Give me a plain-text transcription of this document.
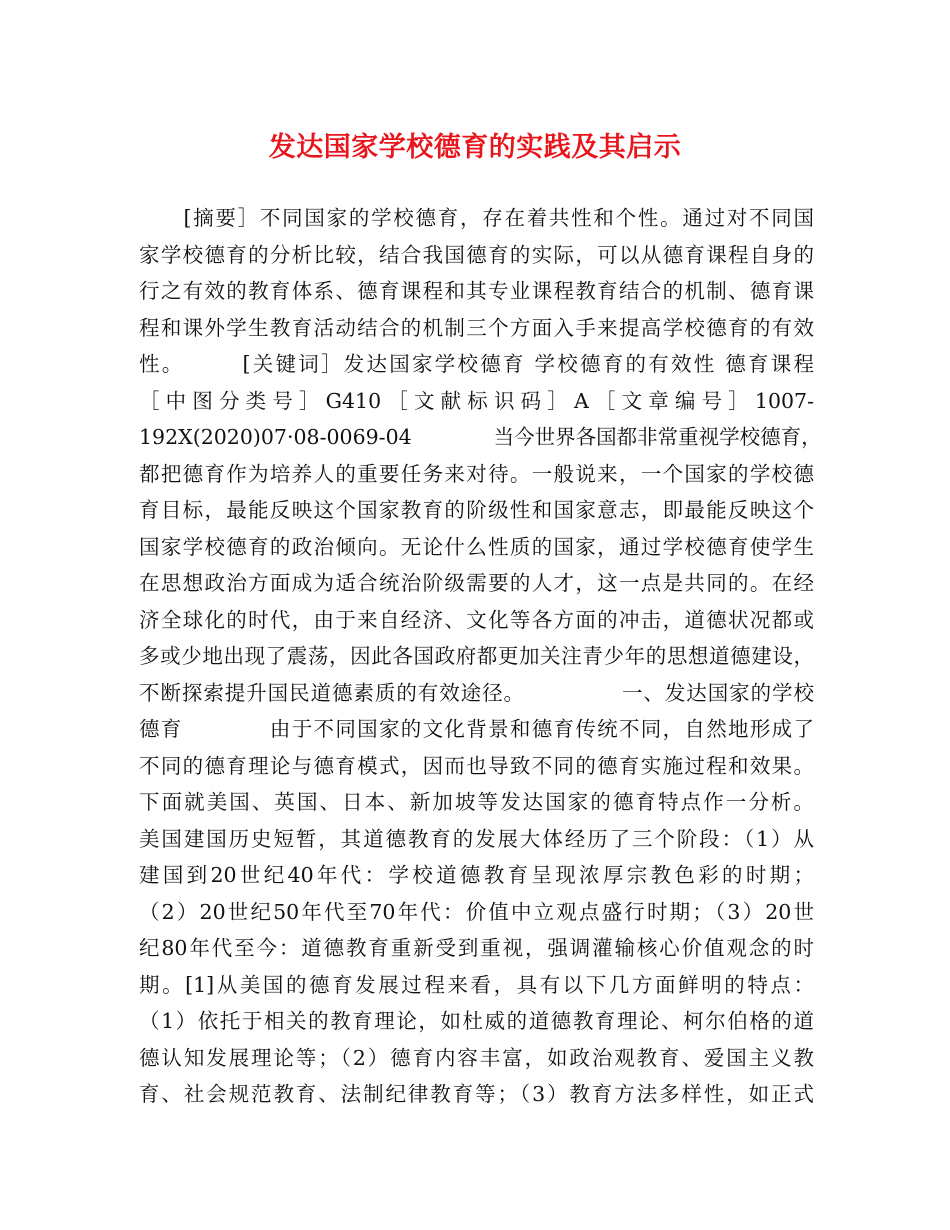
发达国家学校德育的实践及其启示
　　[摘要］不同国家的学校德育，存在着共性和个性。通过对不同国
家学校德育的分析比较，结合我国德育的实际，可以从德育课程自身的
行之有效的教育体系、德育课程和其专业课程教育结合的机制、德育课
程和课外学生教育活动结合的机制三个方面入手来提高学校德育的有效
性。　　　[关键词］发达国家学校德育 学校德育的有效性 德育课程
［中图分类号］G410［文献标识码］A［文章编号］1007-
192X(2020)07·08-0069-04　　　　当今世界各国都非常重视学校德育，
都把德育作为培养人的重要任务来对待。一般说来，一个国家的学校德
育目标，最能反映这个国家教育的阶级性和国家意志，即最能反映这个
国家学校德育的政治倾向。无论什么性质的国家，通过学校德育使学生
在思想政治方面成为适合统治阶级需要的人才，这一点是共同的。在经
济全球化的时代，由于来自经济、文化等各方面的冲击，道德状况都或
多或少地出现了震荡，因此各国政府都更加关注青少年的思想道德建设，
不断探索提升国民道德素质的有效途径。　　　　　一、发达国家的学校
德育　　　　由于不同国家的文化背景和德育传统不同，自然地形成了
不同的德育理论与德育模式，因而也导致不同的德育实施过程和效果。
下面就美国、英国、日本、新加坡等发达国家的德育特点作一分析。
美国建国历史短暂，其道德教育的发展大体经历了三个阶段：（1）从
建国到20世纪40年代：学校道德教育呈现浓厚宗教色彩的时期；
（2）20世纪50年代至70年代：价值中立观点盛行时期；（3）20世
纪80年代至今：道德教育重新受到重视，强调灌输核心价值观念的时
期。[1]从美国的德育发展过程来看，具有以下几方面鲜明的特点：
（1）依托于相关的教育理论，如杜威的道德教育理论、柯尔伯格的道
德认知发展理论等；（2）德育内容丰富，如政治观教育、爱国主义教
育、社会规范教育、法制纪律教育等；（3）教育方法多样性，如正式
